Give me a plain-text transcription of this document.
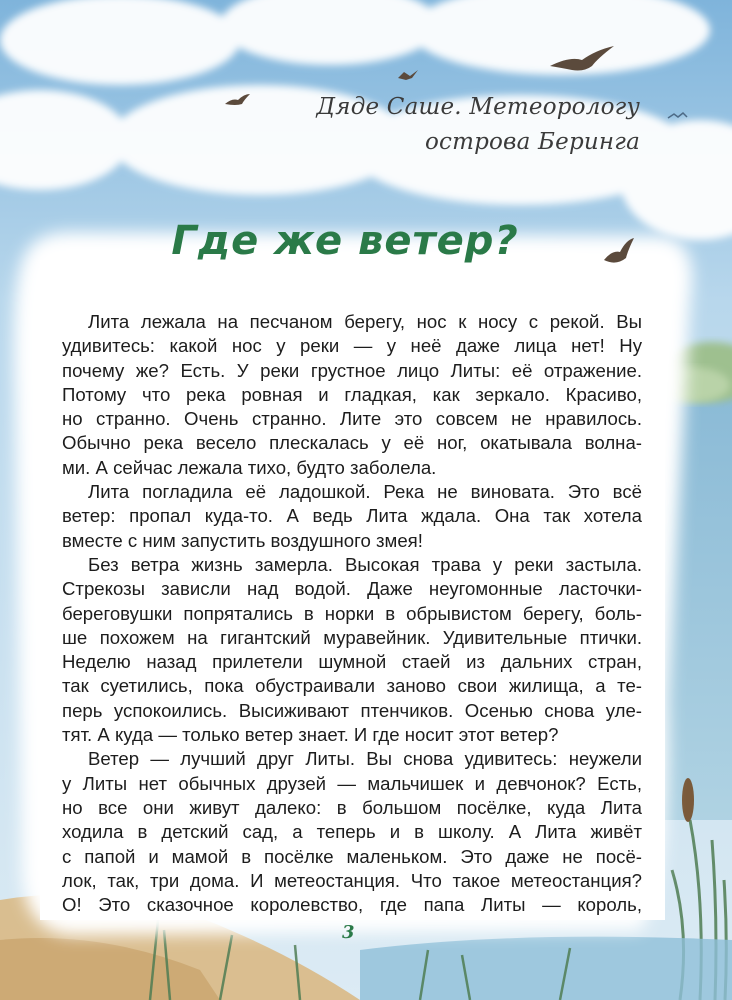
Дяде Саше. Метеорологу
острова Беринга
Где же ветер?
Лита лежала на песчаном берегу, нос к носу с рекой. Вы
удивитесь: какой нос у реки — у неё даже лица нет! Ну
почему же? Есть. У реки грустное лицо Литы: её отражение.
Потому что река ровная и гладкая, как зеркало. Красиво,
но странно. Очень странно. Лите это совсем не нравилось.
Обычно река весело плескалась у её ног, окатывала волна-
ми. А сейчас лежала тихо, будто заболела.
Лита погладила её ладошкой. Река не виновата. Это всё
ветер: пропал куда-то. А ведь Лита ждала. Она так хотела
вместе с ним запустить воздушного змея!
Без ветра жизнь замерла. Высокая трава у реки застыла.
Стрекозы зависли над водой. Даже неугомонные ласточки-
береговушки попрятались в норки в обрывистом берегу, боль-
ше похожем на гигантский муравейник. Удивительные птички.
Неделю назад прилетели шумной стаей из дальних стран,
так суетились, пока обустраивали заново свои жилища, а те-
перь успокоились. Высиживают птенчиков. Осенью снова уле-
тят. А куда — только ветер знает. И где носит этот ветер?
Ветер — лучший друг Литы. Вы снова удивитесь: неужели
у Литы нет обычных друзей — мальчишек и девчонок? Есть,
но все они живут далеко: в большом посёлке, куда Лита
ходила в детский сад, а теперь и в школу. А Лита живёт
с папой и мамой в посёлке маленьком. Это даже не посё-
лок, так, три дома. И метеостанция. Что такое метеостанция?
О! Это сказочное королевство, где папа Литы — король,
3
